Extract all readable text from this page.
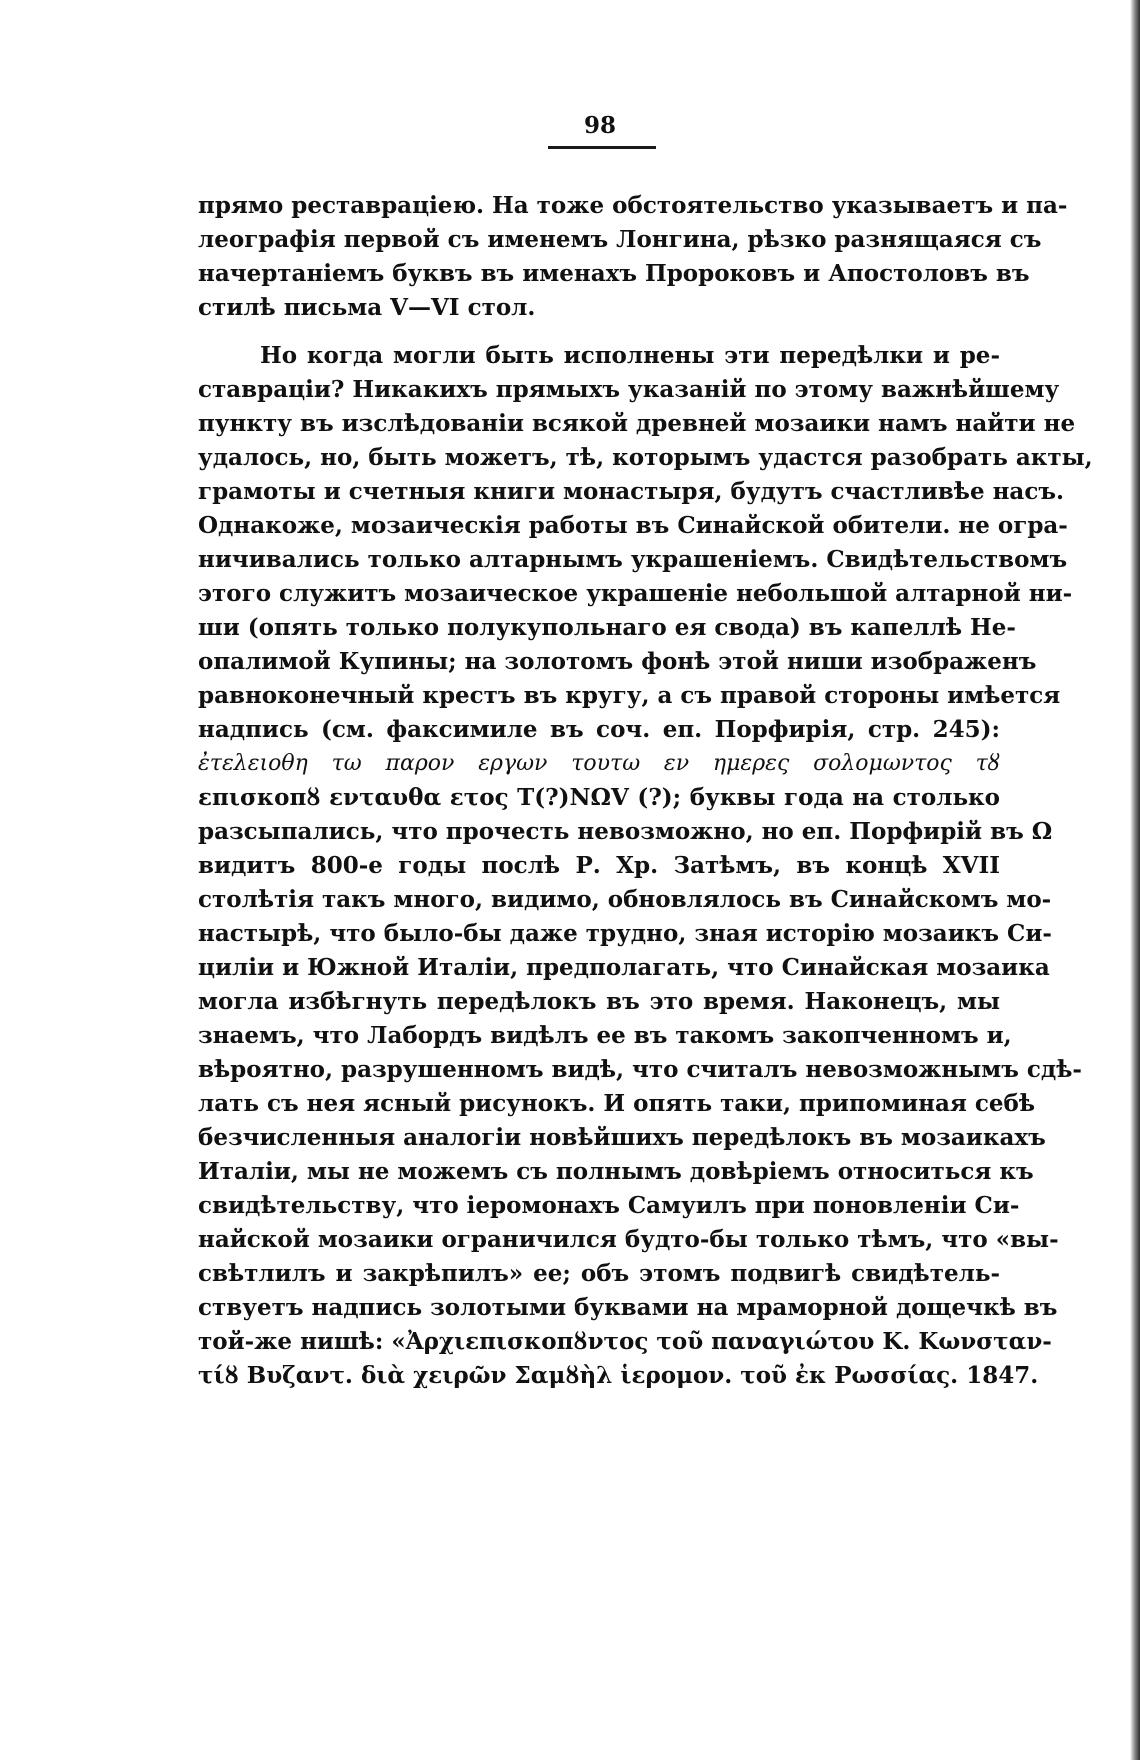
98
прямо реставраціею. На тоже обстоятельство указываетъ и па-
леографія первой съ именемъ Лонгина, рѣзко разнящаяся съ
начертаніемъ буквъ въ именахъ Пророковъ и Апостоловъ въ
стилѣ письма V—VI стол.
Но когда могли быть исполнены эти передѣлки и ре-
ставраціи? Никакихъ прямыхъ указаній по этому важнѣйшему
пункту въ изслѣдованіи всякой древней мозаики намъ найти не
удалось, но, быть можетъ, тѣ, которымъ удастся разобрать акты,
грамоты и счетныя книги монастыря, будутъ счастливѣе насъ.
Однакоже, мозаическія работы въ Синайской обители. не огра-
ничивались только алтарнымъ украшеніемъ. Свидѣтельствомъ
этого служитъ мозаическое украшеніе небольшой алтарной ни-
ши (опять только полукупольнаго ея свода) въ капеллѣ Не-
опалимой Купины; на золотомъ фонѣ этой ниши изображенъ
равноконечный крестъ въ кругу, а съ правой стороны имѣется
надпись (см. факсимиле въ соч. еп. Порфирія, стр. 245):
ἐτελειοθη τω παρον εργων τουτω εν ημερες σολομωντος τȣ
επισκοπȣ ενταυθα ετος Τ(?)ΝΩV (?); буквы года на столько
разсыпались, что прочесть невозможно, но еп. Порфирій въ Ω
видитъ 800-е годы послѣ Р. Хр. Затѣмъ, въ концѣ XVII
столѣтія такъ много, видимо, обновлялось въ Синайскомъ мо-
настырѣ, что было-бы даже трудно, зная исторію мозаикъ Си-
циліи и Южной Италіи, предполагать, что Синайская мозаика
могла избѣгнуть передѣлокъ въ это время. Наконецъ, мы
знаемъ, что Лабордъ видѣлъ ее въ такомъ закопченномъ и,
вѣроятно, разрушенномъ видѣ, что считалъ невозможнымъ сдѣ-
лать съ нея ясный рисунокъ. И опять таки, припоминая себѣ
безчисленныя аналогіи новѣйшихъ передѣлокъ въ мозаикахъ
Италіи, мы не можемъ съ полнымъ довѣріемъ относиться къ
свидѣтельству, что іеромонахъ Самуилъ при поновленіи Си-
найской мозаики ограничился будто-бы только тѣмъ, что «вы-
свѣтлилъ и закрѣпилъ» ее; объ этомъ подвигѣ свидѣтель-
ствуетъ надпись золотыми буквами на мраморной дощечкѣ въ
той-же нишѣ: «Ἀρχιεπισκοπȣντος τοῦ παναγιώτου Κ. Κωνσταν-
τίȣ Βυζαντ. διὰ χειρῶν Σαμȣὴλ ἱερομον. τοῦ ἐκ Ρωσσίας. 1847.
